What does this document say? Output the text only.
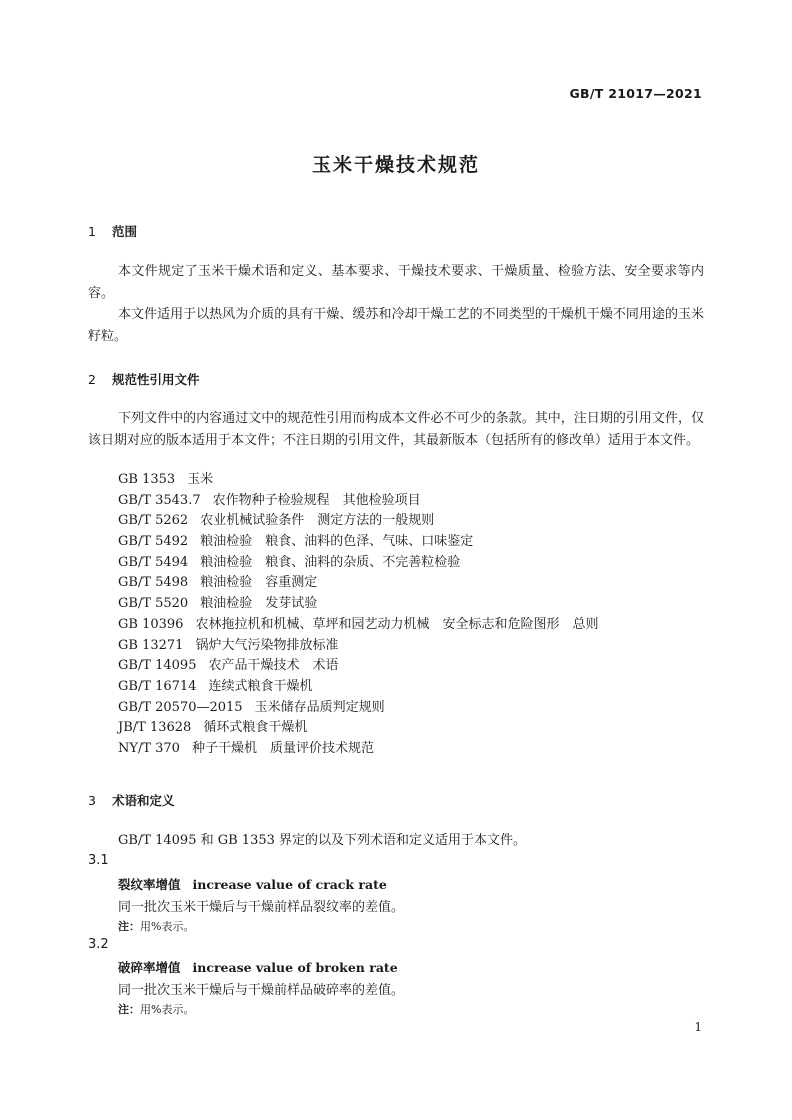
GB/T 21017—2021
玉米干燥技术规范
1 范围
本文件规定了玉米干燥术语和定义、基本要求、干燥技术要求、干燥质量、检验方法、安全要求等内容。
本文件适用于以热风为介质的具有干燥、缓苏和冷却干燥工艺的不同类型的干燥机干燥不同用途的玉米籽粒。
2 规范性引用文件
下列文件中的内容通过文中的规范性引用而构成本文件必不可少的条款。其中，注日期的引用文件，仅该日期对应的版本适用于本文件；不注日期的引用文件，其最新版本（包括所有的修改单）适用于本文件。
GB 1353 玉米
GB/T 3543.7 农作物种子检验规程　其他检验项目
GB/T 5262 农业机械试验条件　测定方法的一般规则
GB/T 5492 粮油检验　粮食、油料的色泽、气味、口味鉴定
GB/T 5494 粮油检验　粮食、油料的杂质、不完善粒检验
GB/T 5498 粮油检验　容重测定
GB/T 5520 粮油检验　发芽试验
GB 10396 农林拖拉机和机械、草坪和园艺动力机械　安全标志和危险图形　总则
GB 13271 锅炉大气污染物排放标准
GB/T 14095 农产品干燥技术　术语
GB/T 16714 连续式粮食干燥机
GB/T 20570—2015 玉米储存品质判定规则
JB/T 13628 循环式粮食干燥机
NY/T 370 种子干燥机　质量评价技术规范
3 术语和定义
GB/T 14095 和 GB 1353 界定的以及下列术语和定义适用于本文件。
3.1
裂纹率增值 increase value of crack rate
同一批次玉米干燥后与干燥前样品裂纹率的差值。
注：用%表示。
3.2
破碎率增值 increase value of broken rate
同一批次玉米干燥后与干燥前样品破碎率的差值。
注：用%表示。
1
